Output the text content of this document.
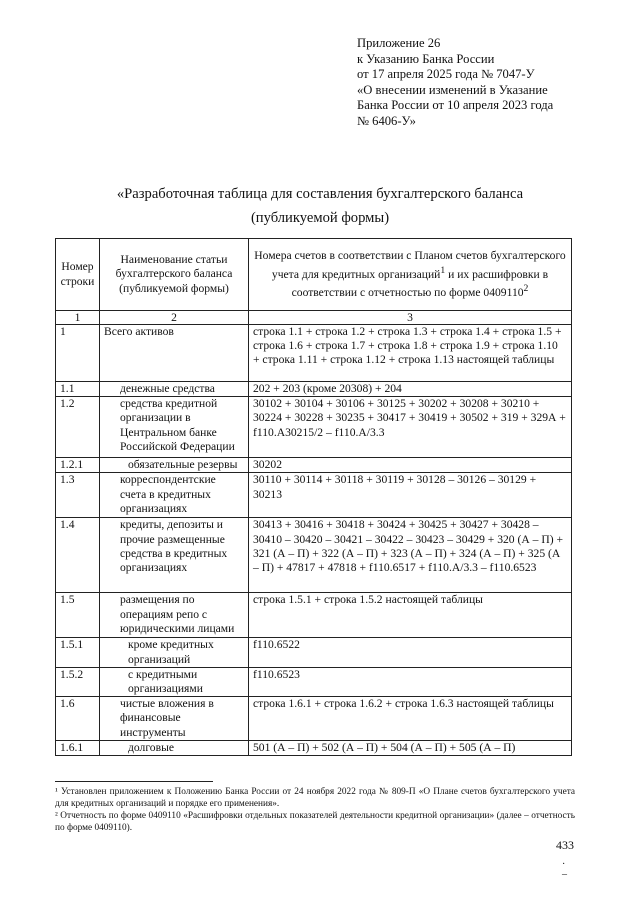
Приложение 26
к Указанию Банка России
от 17 апреля 2025 года № 7047-У
«О внесении изменений в Указание
Банка России от 10 апреля 2023 года
№ 6406-У»
«Разработочная таблица для составления бухгалтерского баланса
(публикуемой формы)
Номер строки	Наименование статьи бухгалтерского баланса (публикуемой формы)	Номера счетов в соответствии с Планом счетов бухгалтерского учета для кредитных организаций$^1$ и их расшифровки в соответствии с отчетностью по форме 0409110$^2$
1	2	3
1	Всего активов	строка 1.1 + строка 1.2 + строка 1.3 + строка 1.4 + строка 1.5 + строка 1.6 + строка 1.7 + строка 1.8 + строка 1.9 + строка 1.10 + строка 1.11 + строка 1.12 + строка 1.13 настоящей таблицы
1.1	денежные средства	202 + 203 (кроме 20308) + 204
1.2	средства кредитной организации в Центральном банке Российской Федерации	30102 + 30104 + 30106 + 30125 + 30202 + 30208 + 30210 + 30224 + 30228 + 30235 + 30417 + 30419 + 30502 + 319 + 329А + f110.A30215/2 – f110.A/3.3
1.2.1	обязательные резервы	30202
1.3	корреспондентские счета в кредитных организациях	30110 + 30114 + 30118 + 30119 + 30128 – 30126 – 30129 + 30213
1.4	кредиты, депозиты и прочие размещенные средства в кредитных организациях	30413 + 30416 + 30418 + 30424 + 30425 + 30427 + 30428 – 30410 – 30420 – 30421 – 30422 – 30423 – 30429 + 320 (А – П) + 321 (А – П) + 322 (А – П) + 323 (А – П) + 324 (А – П) + 325 (А – П) + 47817 + 47818 + f110.6517 + f110.A/3.3 – f110.6523
1.5	размещения по операциям репо с юридическими лицами	строка 1.5.1 + строка 1.5.2 настоящей таблицы
1.5.1	кроме кредитных организаций	f110.6522
1.5.2	с кредитными организациями	f110.6523
1.6	чистые вложения в финансовые инструменты	строка 1.6.1 + строка 1.6.2 + строка 1.6.3 настоящей таблицы
1.6.1	долговые	501 (А – П) + 502 (А – П) + 504 (А – П) + 505 (А – П)
¹ Установлен приложением к Положению Банка России от 24 ноября 2022 года № 809-П «О Плане счетов бухгалтерского учета для кредитных организаций и порядке его применения».
² Отчетность по форме 0409110 «Расшифровки отдельных показателей деятельности кредитной организации» (далее – отчетность по форме 0409110).
433
·
–
